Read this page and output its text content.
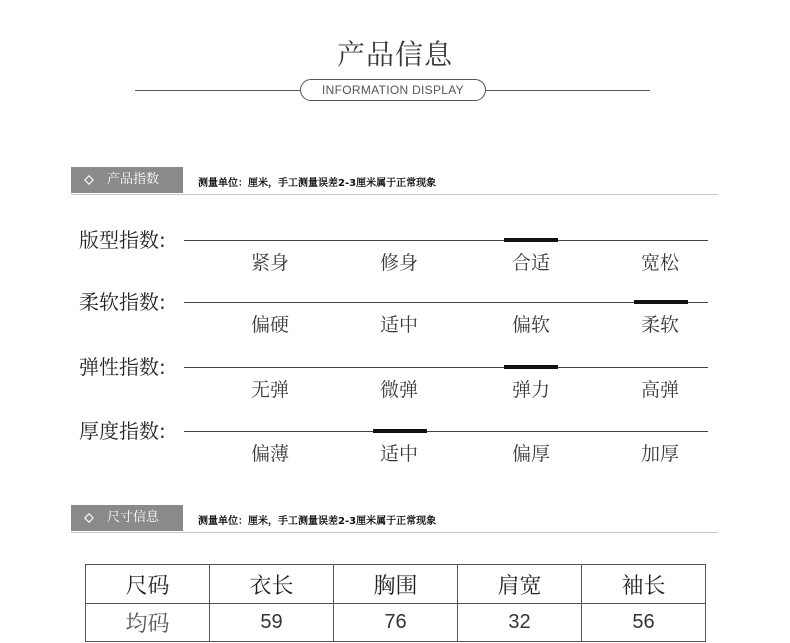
产品信息
INFORMATION DISPLAY
产品指数	测量单位：厘米，手工测量误差2-3厘米属于正常现象
版型指数:
紧身	修身	合适	宽松
柔软指数:
偏硬	适中	偏软	柔软
弹性指数:
无弹	微弹	弹力	高弹
厚度指数:
偏薄	适中	偏厚	加厚
尺寸信息	测量单位：厘米，手工测量误差2-3厘米属于正常现象
尺码	衣长	胸围	肩宽	袖长
均码	59	76	32	56
